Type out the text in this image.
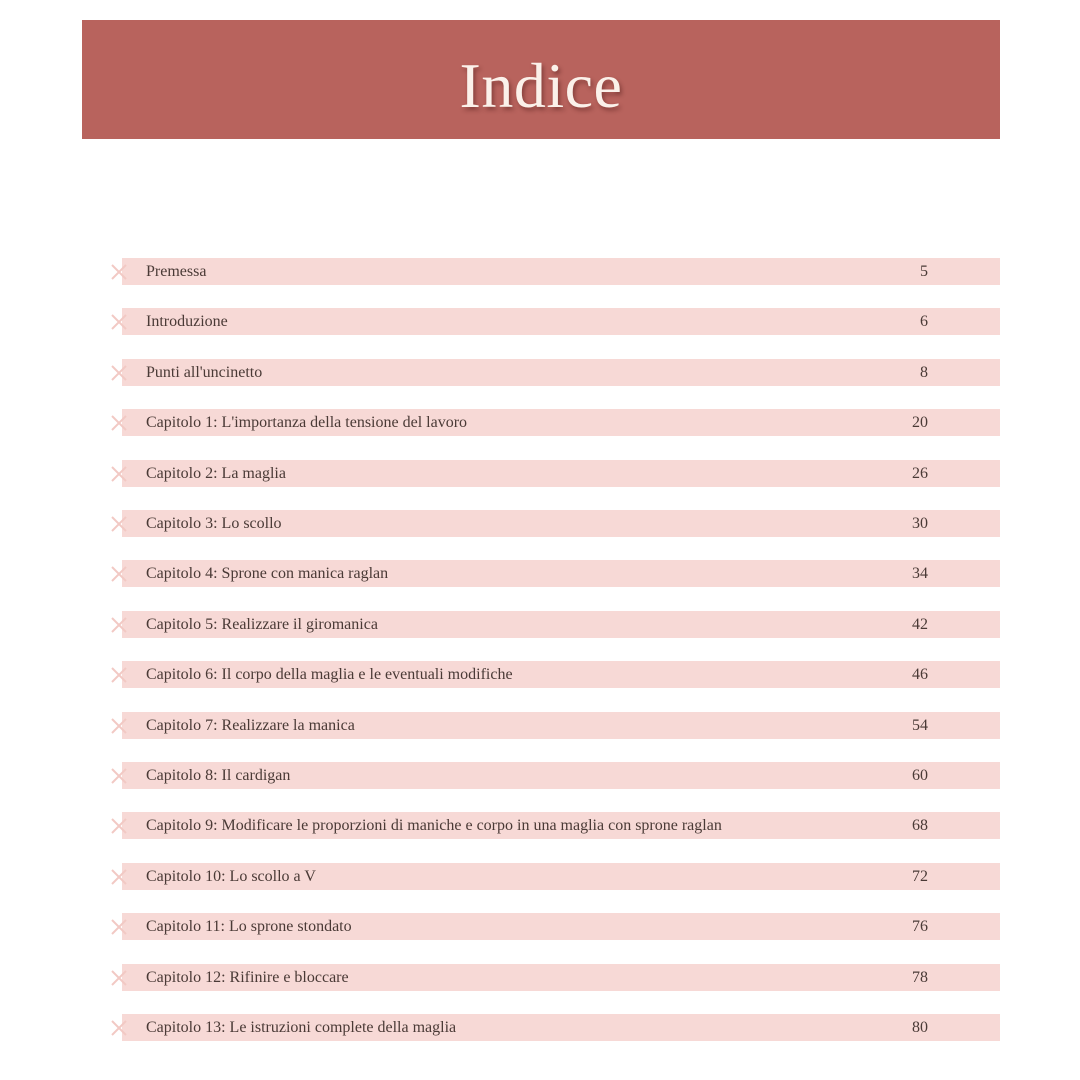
Indice
Premessa	5
Introduzione	6
Punti all'uncinetto	8
Capitolo 1: L'importanza della tensione del lavoro	20
Capitolo 2: La maglia	26
Capitolo 3: Lo scollo	30
Capitolo 4: Sprone con manica raglan	34
Capitolo 5: Realizzare il giromanica	42
Capitolo 6: Il corpo della maglia e le eventuali modifiche	46
Capitolo 7: Realizzare la manica	54
Capitolo 8: Il cardigan	60
Capitolo 9: Modificare le proporzioni di maniche e corpo in una maglia con sprone raglan	68
Capitolo 10: Lo scollo a V	72
Capitolo 11: Lo sprone stondato	76
Capitolo 12: Rifinire e bloccare	78
Capitolo 13: Le istruzioni complete della maglia	80
